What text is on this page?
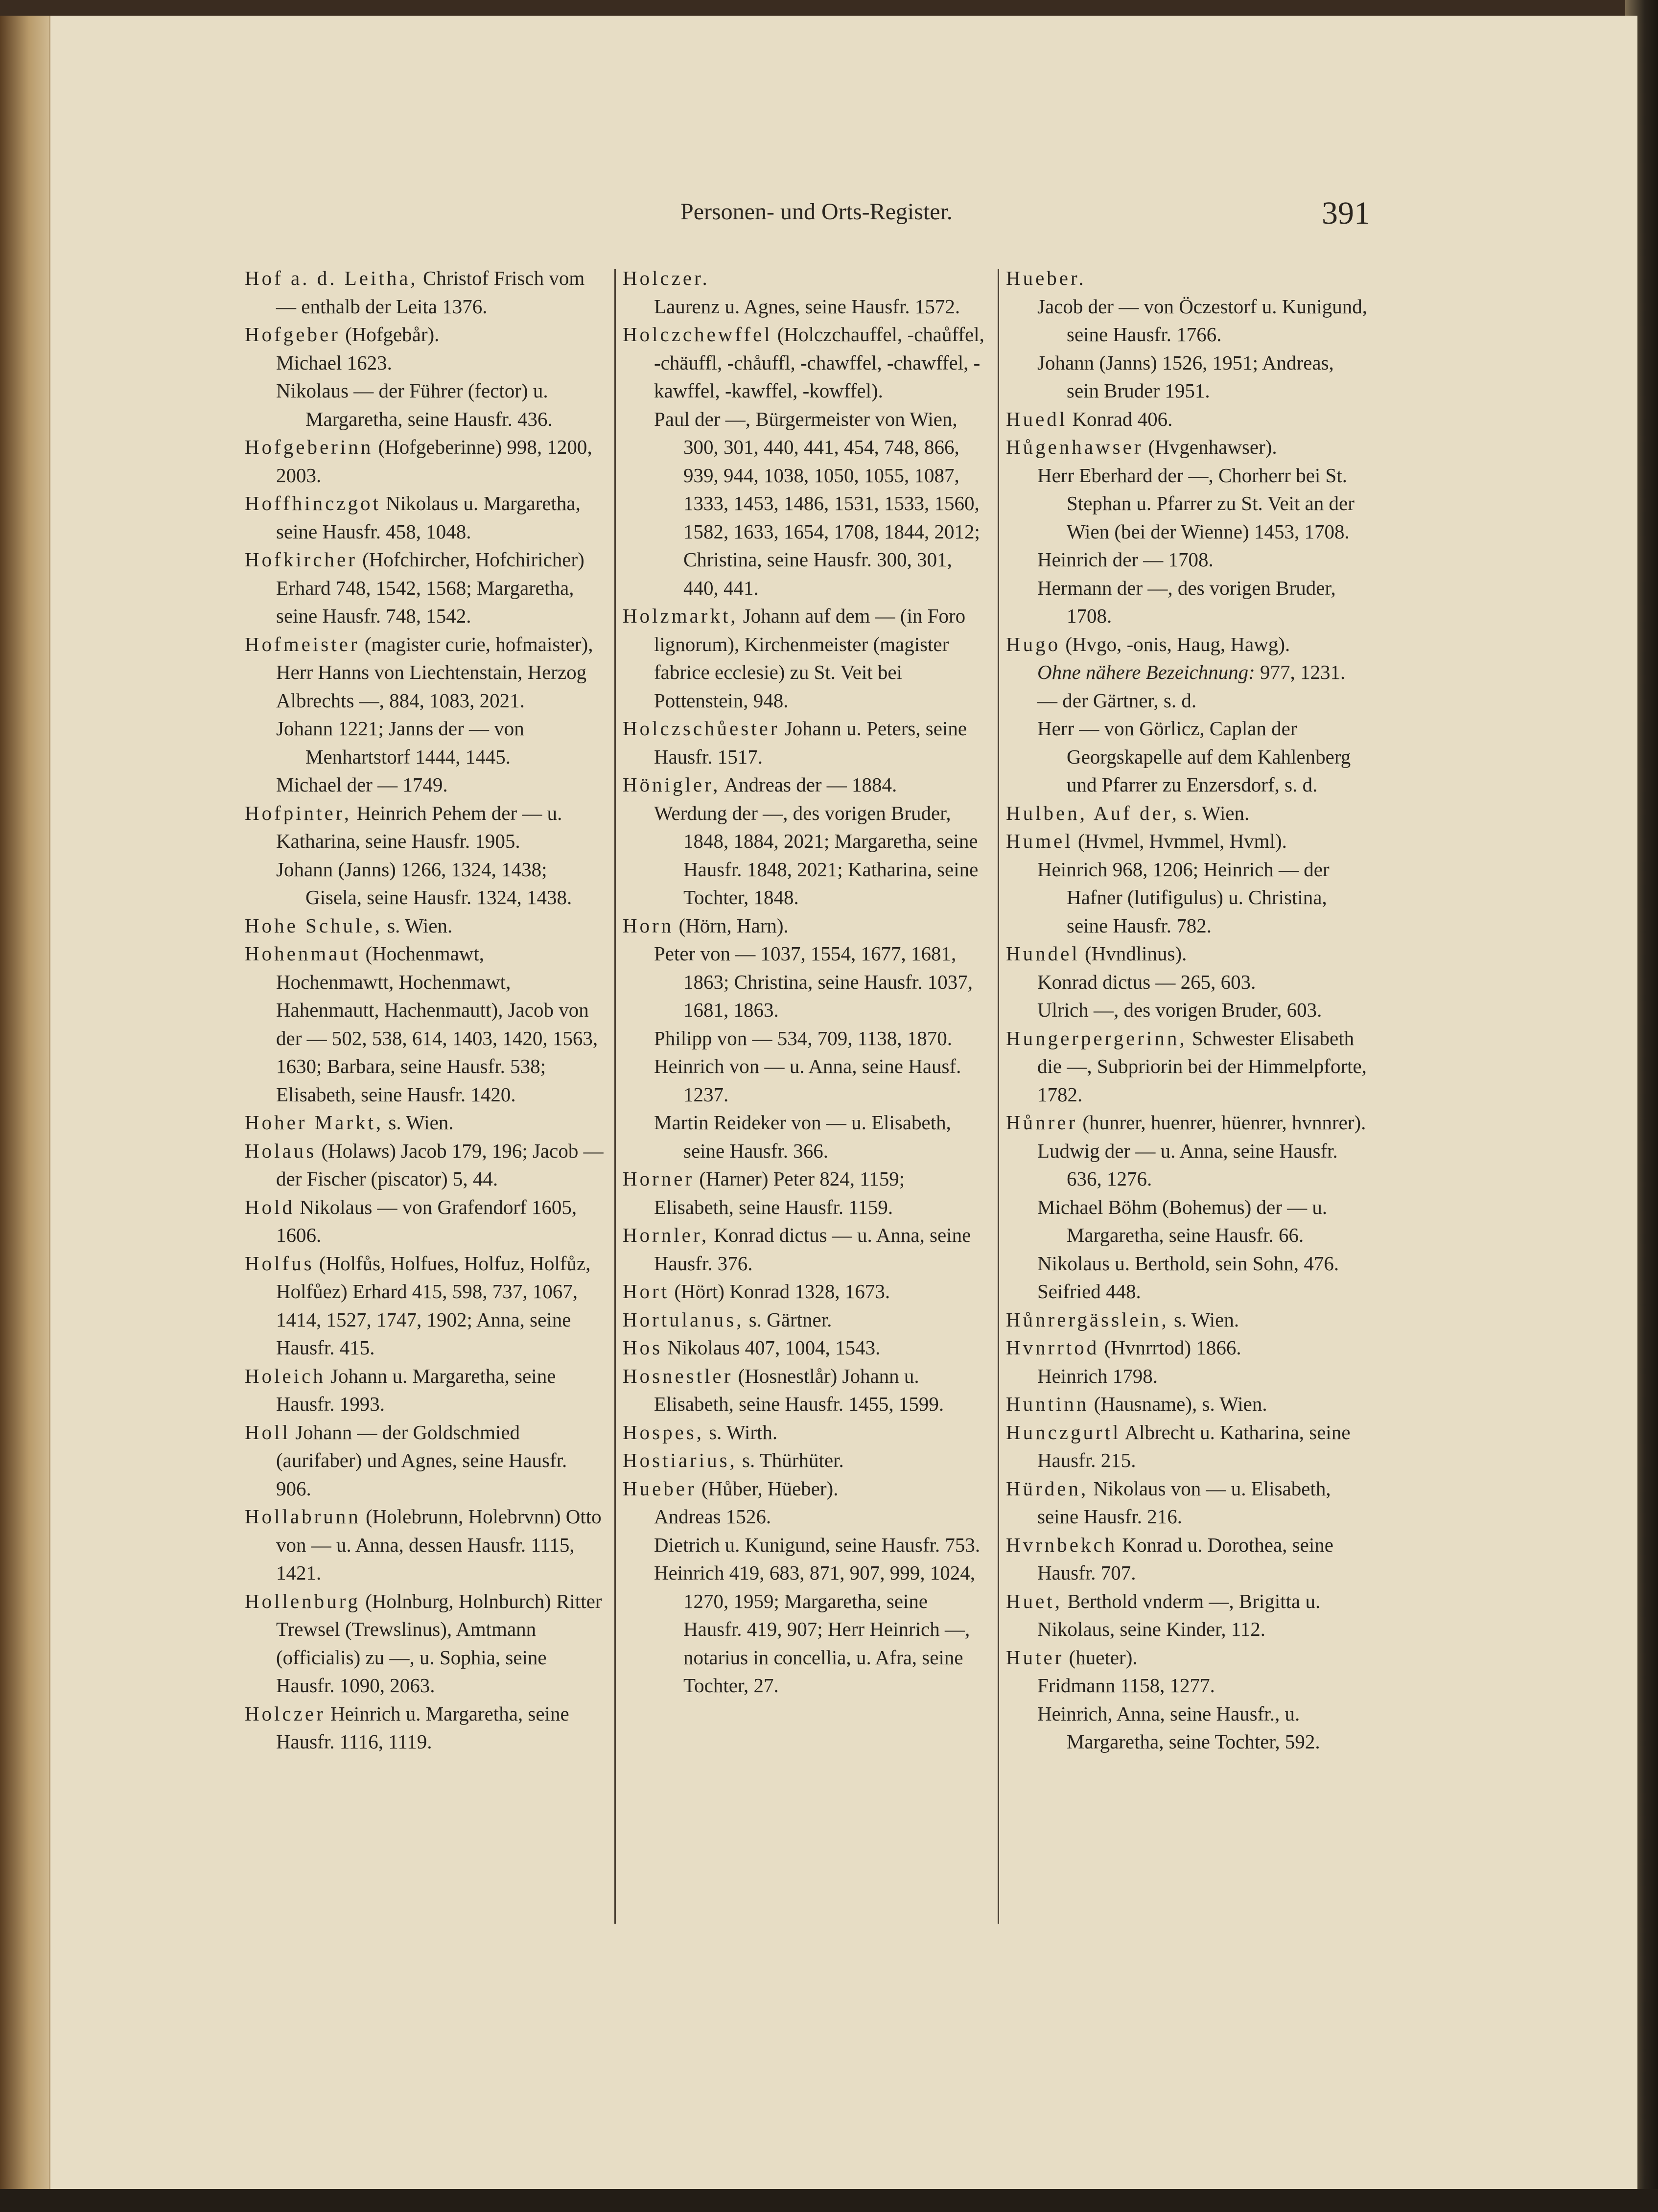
Personen- und Orts-Register.	391

Hof a. d. Leitha, Christof Frisch vom — enthalb der Leita 1376.

Hofgeber (Hofgebår).

Michael 1623.

Nikolaus — der Führer (fector) u. Margaretha, seine Hausfr. 436.

Hofgeberinn (Hofgeberinne) 998, 1200, 2003.

Hoffhinczgot Nikolaus u. Margaretha, seine Hausfr. 458, 1048.

Hofkircher (Hofchircher, Hofchiricher) Erhard 748, 1542, 1568; Margaretha, seine Hausfr. 748, 1542.

Hofmeister (magister curie, hofmaister), Herr Hanns von Liechtenstain, Herzog Albrechts —, 884, 1083, 2021.

Johann 1221; Janns der — von Menhartstorf 1444, 1445.

Michael der — 1749.

Hofpinter, Heinrich Pehem der — u. Katharina, seine Hausfr. 1905.

Johann (Janns) 1266, 1324, 1438; Gisela, seine Hausfr. 1324, 1438.

Hohe Schule, s. Wien.

Hohenmaut (Hochenmawt, Hochenmawtt, Hochenmawt, Hahenmautt, Hachenmautt), Jacob von der — 502, 538, 614, 1403, 1420, 1563, 1630; Barbara, seine Hausfr. 538; Elisabeth, seine Hausfr. 1420.

Hoher Markt, s. Wien.

Holaus (Holaws) Jacob 179, 196; Jacob — der Fischer (piscator) 5, 44.

Hold Nikolaus — von Grafendorf 1605, 1606.

Holfus (Holfůs, Holfues, Holfuz, Holfůz, Holfůez) Erhard 415, 598, 737, 1067, 1414, 1527, 1747, 1902; Anna, seine Hausfr. 415.

Holeich Johann u. Margaretha, seine Hausfr. 1993.

Holl Johann — der Goldschmied (aurifaber) und Agnes, seine Hausfr. 906.

Hollabrunn (Holebrunn, Holebrvnn) Otto von — u. Anna, dessen Hausfr. 1115, 1421.

Hollenburg (Holnburg, Holnburch) Ritter Trewsel (Trewslinus), Amtmann (officialis) zu —, u. Sophia, seine Hausfr. 1090, 2063.

Holczer Heinrich u. Margaretha, seine Hausfr. 1116, 1119.

Holczer.

Laurenz u. Agnes, seine Hausfr. 1572.

Holczchewffel (Holczchauffel, -chaůffel, -chäuffl, -chåuffl, -chawffel, -chawffel, -kawffel, -kawffel, -kowffel).

Paul der —, Bürgermeister von Wien, 300, 301, 440, 441, 454, 748, 866, 939, 944, 1038, 1050, 1055, 1087, 1333, 1453, 1486, 1531, 1533, 1560, 1582, 1633, 1654, 1708, 1844, 2012; Christina, seine Hausfr. 300, 301, 440, 441.

Holzmarkt, Johann auf dem — (in Foro lignorum), Kirchenmeister (magister fabrice ecclesie) zu St. Veit bei Pottenstein, 948.

Holczschůester Johann u. Peters, seine Hausfr. 1517.

Hönigler, Andreas der — 1884.

Werdung der —, des vorigen Bruder, 1848, 1884, 2021; Margaretha, seine Hausfr. 1848, 2021; Katharina, seine Tochter, 1848.

Horn (Hörn, Harn).

Peter von — 1037, 1554, 1677, 1681, 1863; Christina, seine Hausfr. 1037, 1681, 1863.

Philipp von — 534, 709, 1138, 1870.

Heinrich von — u. Anna, seine Hausf. 1237.

Martin Reideker von — u. Elisabeth, seine Hausfr. 366.

Horner (Harner) Peter 824, 1159; Elisabeth, seine Hausfr. 1159.

Hornler, Konrad dictus — u. Anna, seine Hausfr. 376.

Hort (Hört) Konrad 1328, 1673.

Hortulanus, s. Gärtner.

Hos Nikolaus 407, 1004, 1543.

Hosnestler (Hosnestlår) Johann u. Elisabeth, seine Hausfr. 1455, 1599.

Hospes, s. Wirth.

Hostiarius, s. Thürhüter.

Hueber (Hůber, Hüeber).

Andreas 1526.

Dietrich u. Kunigund, seine Hausfr. 753.

Heinrich 419, 683, 871, 907, 999, 1024, 1270, 1959; Margaretha, seine Hausfr. 419, 907; Herr Heinrich —, notarius in concellia, u. Afra, seine Tochter, 27.

Hueber.

Jacob der — von Öczestorf u. Kunigund, seine Hausfr. 1766.

Johann (Janns) 1526, 1951; Andreas, sein Bruder 1951.

Huedl Konrad 406.

Hůgenhawser (Hvgenhawser).

Herr Eberhard der —, Chorherr bei St. Stephan u. Pfarrer zu St. Veit an der Wien (bei der Wienne) 1453, 1708.

Heinrich der — 1708.

Hermann der —, des vorigen Bruder, 1708.

Hugo (Hvgo, -onis, Haug, Hawg).

Ohne nähere Bezeichnung: 977, 1231.

— der Gärtner, s. d.

Herr — von Görlicz, Caplan der Georgskapelle auf dem Kahlenberg und Pfarrer zu Enzersdorf, s. d.

Hulben, Auf der, s. Wien.

Humel (Hvmel, Hvmmel, Hvml).

Heinrich 968, 1206; Heinrich — der Hafner (lutifigulus) u. Christina, seine Hausfr. 782.

Hundel (Hvndlinus).

Konrad dictus — 265, 603.

Ulrich —, des vorigen Bruder, 603.

Hungerpergerinn, Schwester Elisabeth die —, Subpriorin bei der Himmelpforte, 1782.

Hůnrer (hunrer, huenrer, hüenrer, hvnnrer).

Ludwig der — u. Anna, seine Hausfr. 636, 1276.

Michael Böhm (Bohemus) der — u. Margaretha, seine Hausfr. 66.

Nikolaus u. Berthold, sein Sohn, 476.

Seifried 448.

Hůnrergässlein, s. Wien.

Hvnrrtod (Hvnrrtod) 1866.

Heinrich 1798.

Huntinn (Hausname), s. Wien.

Hunczgurtl Albrecht u. Katharina, seine Hausfr. 215.

Hürden, Nikolaus von — u. Elisabeth, seine Hausfr. 216.

Hvrnbekch Konrad u. Dorothea, seine Hausfr. 707.

Huet, Berthold vnderm —, Brigitta u. Nikolaus, seine Kinder, 112.

Huter (hueter).

Fridmann 1158, 1277.

Heinrich, Anna, seine Hausfr., u. Margaretha, seine Tochter, 592.
